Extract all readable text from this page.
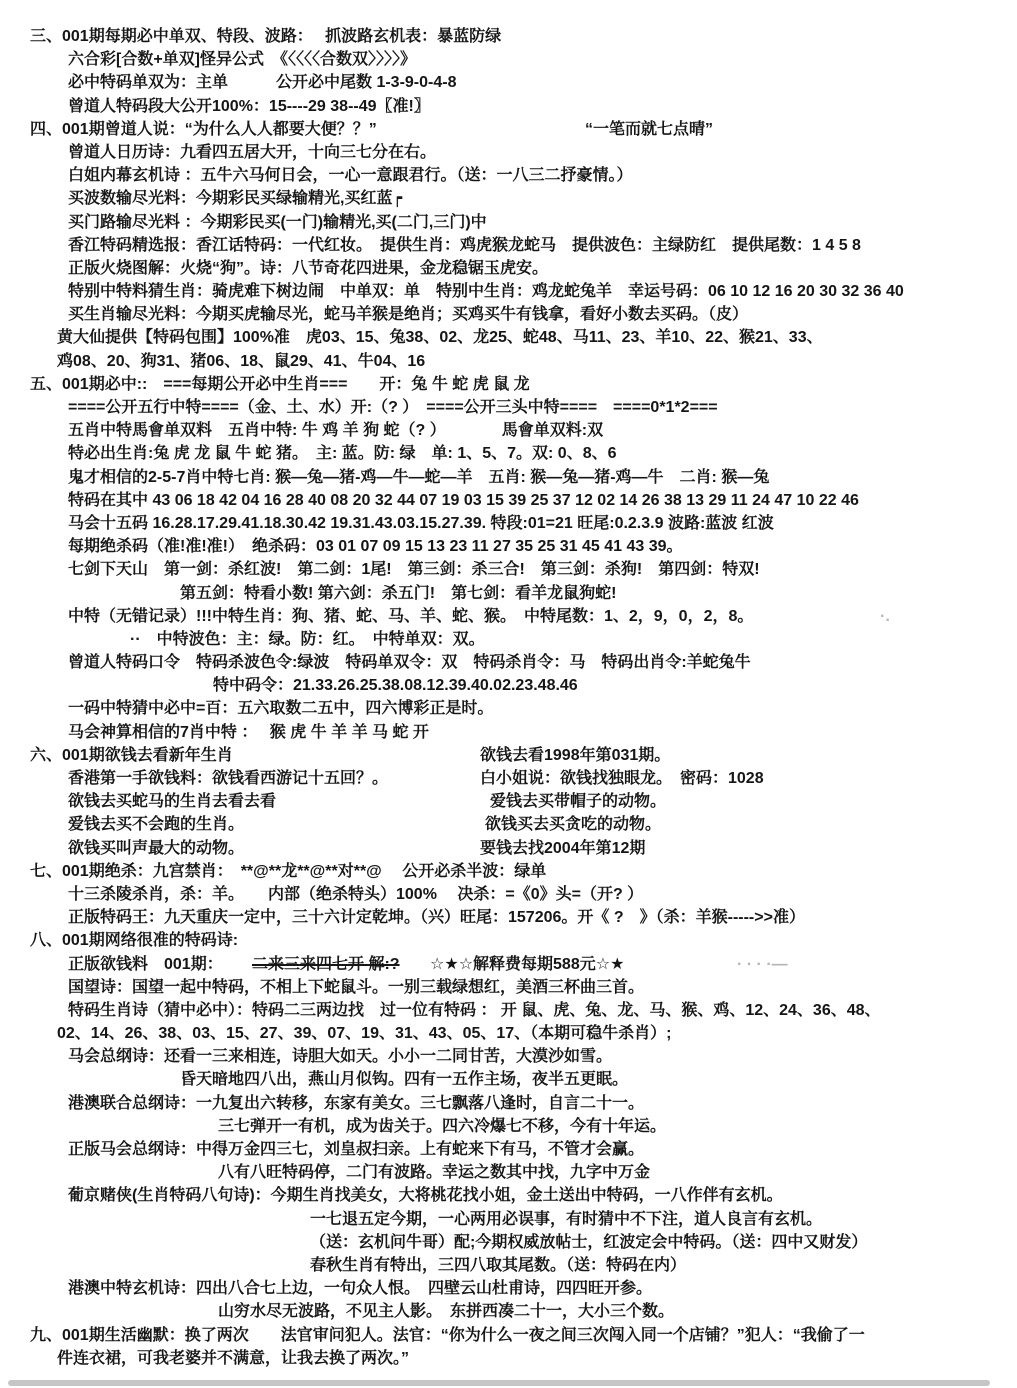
三、001期每期必中单双、特段、波路：　 抓波路玄机表：暴蓝防绿
六合彩[合数+单双]怪异公式　《〈〈〈〈合数双〉〉〉〉》
必中特码单双为：主单　　　公开必中尾数 1-3-9-0-4-8
曾道人特码段大公开100%：15----29 38--49〖准!〗
四、001期曾道人说：“为什么人人都要大便？？”	“一笔而就七点晴”
曾道人日历诗：九看四五居大开，十向三七分在右。
白姐内幕玄机诗 ：五牛六马何日会，一心一意跟君行。（送：一八三二抒豪情。）
买波数输尽光料：今期彩民买绿输精光,买红蓝┍
买门路输尽光料 ：今期彩民买(一门)输精光,买(二门,三门)中
香江特码精选报：香江话特码：一代红妆。　提供生肖：鸡虎猴龙蛇马　提供波色：主绿防红　提供尾数：1 4 5 8
正版火烧图解：火烧“狗”。诗：八节奇花四进果，金龙稳锯玉虎安。
特别中特料猜生肖：骑虎难下树边闹　中单双：单　特别中生肖：鸡龙蛇兔羊　幸运号码：06 10 12 16 20 30 32 36 40
买生肖输尽光料：今期买虎输尽光，蛇马羊猴是绝肖；买鸡买牛有钱拿，看好小数去买码。（皮）
黄大仙提供【特码包围】100%准　虎03、15、兔38、02、龙25、蛇48、马11、23、羊10、22、猴21、33、
鸡08、20、狗31、猪06、18、鼠29、41、牛04、16
五、001期必中::　===每期公开必中生肖===　　开：兔 牛 蛇 虎 鼠 龙
====公开五行中特====（金、土、水）开:（? ）　====公开三头中特====　====0*1*2===
五肖中特馬會单双料　五肖中特: 牛 鸡 羊 狗 蛇（? ）　　　　馬會单双料:双
特必出生肖:兔 虎 龙 鼠 牛 蛇 猪。　主: 蓝。防: 绿　单: 1、5、7。双: 0、8、6
鬼才相信的2-5-7肖中特七肖: 猴—兔—猪-鸡—牛—蛇—羊　五肖: 猴—兔—猪-鸡—牛　二肖: 猴—兔
特码在其中 43 06 18 42 04 16 28 40 08 20 32 44 07 19 03 15 39 25 37 12 02 14 26 38 13 29 11 24 47 10 22 46
马会十五码 16.28.17.29.41.18.30.42 19.31.43.03.15.27.39. 特段:01=21 旺尾:0.2.3.9 波路:蓝波 红波
每期绝杀码（准!准!准!）　绝杀码：03 01 07 09 15 13 23 11 27 35 25 31 45 41 43 39。
七剑下天山　第一剑：杀红波!　第二剑：1尾!　第三剑：杀三合!　第三剑：杀狗!　第四剑：特双!
第五剑：特看小数! 第六剑：杀五门!　第七剑：看羊龙鼠狗蛇!
中特（无错记录）!!!中特生肖：狗、猪、蛇、马、羊、蛇、猴。　中特尾数：1、2，9，0，2，8。	·.
··　中特波色：主：绿。防：红。　中特单双：双。
曾道人特码口令　特码杀波色令:绿波　特码单双令：双　特码杀肖令：马　特码出肖令:羊蛇兔牛
特中码令：21.33.26.25.38.08.12.39.40.02.23.48.46
一码中特猜中必中=百：五六取数二五中，四六博彩正是时。
马会神算相信的7肖中特 ：　 猴 虎 牛 羊 羊 马 蛇 开
六、001期欲钱去看新年生肖	欲钱去看1998年第031期。
香港第一手欲钱料：欲钱看西游记十五回？。	白小姐说：欲钱找独眼龙。　密码：1028
欲钱去买蛇马的生肖去看去看	爱钱去买带帽子的动物。
爱钱去买不会跑的生肖。	欲钱买去买贪吃的动物。
欲钱买叫声最大的动物。	要钱去找2004年第12期
七、001期绝杀：九宫禁肖：　**@**龙**@**对**@　 公开必杀半波：绿单
十三杀陵杀肖，杀：羊。　　内部（绝杀特头）100%　 决杀：=《0》头=（开? ）
正版特码王：九天重庆一定中，三十六计定乾坤。（兴）旺尾：157206。开《 ?　》（杀：羊猴----->>准）
八、001期网络很准的特码诗:
正版欲钱料　001期： 二来三来四七开 解:? ☆★☆解释费每期588元☆★	· · · ·—
国望诗：国望一起中特码，不相上下蛇鼠斗。一别三载绿想红，美酒三杯曲三首。
特码生肖诗（猜中必中）：特码二三两边找　过一位有特码 ： 开 鼠、虎、兔、龙、马、猴、鸡、12、24、36、48、
02、14、26、38、03、15、27、39、07、19、31、43、05、17、（本期可稳牛杀肖）;
马会总纲诗：还看一三来相连，诗胆大如天。小小一二同甘苦，大漠沙如雪。
昏天暗地四八出，燕山月似钩。四有一五作主场，夜半五更眠。
港澳联合总纲诗：一九复出六转移，东家有美女。三七飘落八逢时，自言二十一。
三七弹开一有机，成为齿关于。四六冷爆七不移，今有十年运。
正版马会总纲诗：中得万金四三七，刘皇叔扫亲。上有蛇来下有马，不管才会赢。
八有八旺特码停，二门有波路。幸运之数其中找，九字中万金
葡京赌侠(生肖特码八句诗)：今期生肖找美女，大将桃花找小姐，金土送出中特码，一八作伴有玄机。
一七退五定今期，一心两用必误事，有时猜中不下注，道人良言有玄机。
（送：玄机问牛哥）配;今期权威放帖士，红波定会中特码。（送：四中又财发）
春秋生肖有特出，三四八取其尾数。（送：特码在内）
港澳中特玄机诗：四出八合七上边，一句众人恨。　四壁云山杜甫诗，四四旺开参。
山穷水尽无波路，不见主人影。　东拼西凑二十一，大小三个数。
九、001期生活幽默：换了两次　　法官审问犯人。法官：“你为什么一夜之间三次闯入同一个店铺？”犯人：“我偷了一
件连衣裙，可我老婆并不满意，让我去换了两次。”
